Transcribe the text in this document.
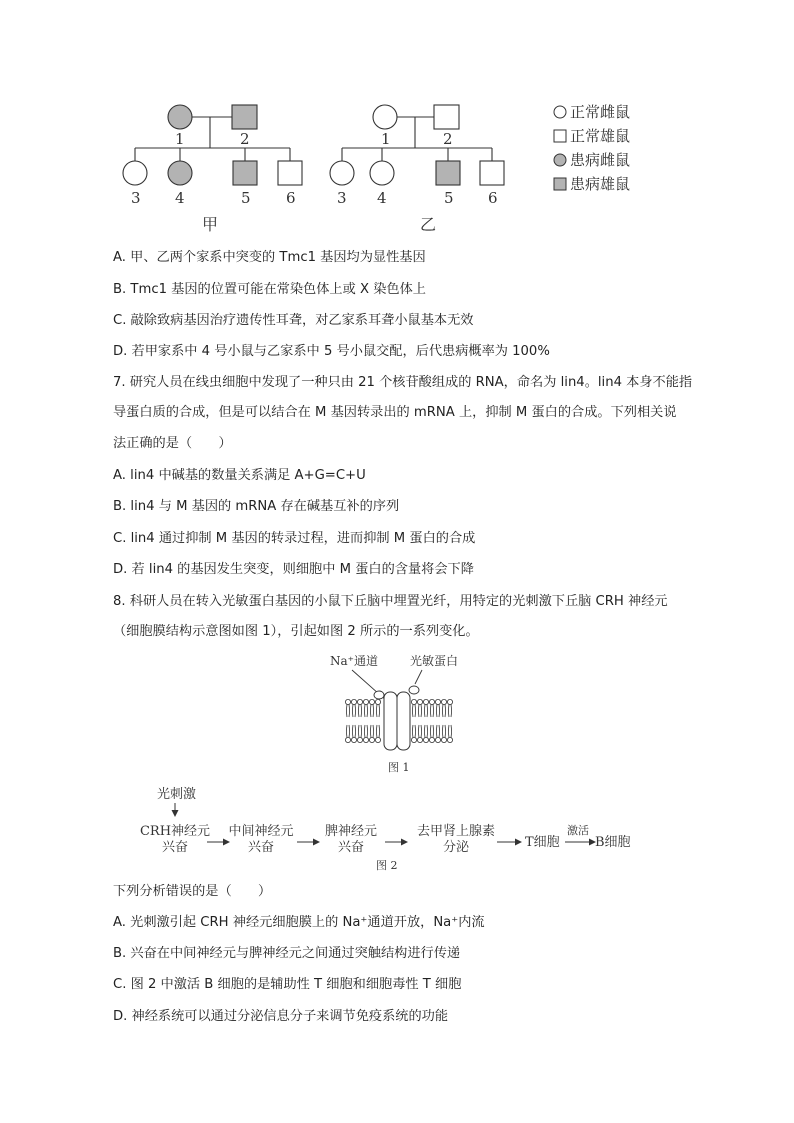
1	2
3 4	5 6
1	2
3 4	5 6
甲	乙
正常雌鼠
正常雄鼠
患病雌鼠
患病雄鼠
A. 甲、乙两个家系中突变的 Tmc1 基因均为显性基因
B. Tmc1 基因的位置可能在常染色体上或 X 染色体上
C. 敲除致病基因治疗遗传性耳聋，对乙家系耳聋小鼠基本无效
D. 若甲家系中 4 号小鼠与乙家系中 5 号小鼠交配，后代患病概率为 100%
7. 研究人员在线虫细胞中发现了一种只由 21 个核苷酸组成的 RNA，命名为 lin4。lin4 本身不能指
导蛋白质的合成，但是可以结合在 M 基因转录出的 mRNA 上，抑制 M 蛋白的合成。下列相关说
法正确的是（　　）
A. lin4 中碱基的数量关系满足 A+G=C+U
B. lin4 与 M 基因的 mRNA 存在碱基互补的序列
C. lin4 通过抑制 M 基因的转录过程，进而抑制 M 蛋白的合成
D. 若 lin4 的基因发生突变，则细胞中 M 蛋白的含量将会下降
8. 科研人员在转入光敏蛋白基因的小鼠下丘脑中埋置光纤，用特定的光刺激下丘脑 CRH 神经元
（细胞膜结构示意图如图 1），引起如图 2 所示的一系列变化。
Na⁺通道	光敏蛋白
图 1
光刺激
CRH神经元
兴奋
中间神经元
兴奋
脾神经元
兴奋
去甲肾上腺素
分泌	T细胞
激活
B细胞
图 2
下列分析错误的是（　　）
A. 光刺激引起 CRH 神经元细胞膜上的 Na⁺通道开放，Na⁺内流
B. 兴奋在中间神经元与脾神经元之间通过突触结构进行传递
C. 图 2 中激活 B 细胞的是辅助性 T 细胞和细胞毒性 T 细胞
D. 神经系统可以通过分泌信息分子来调节免疫系统的功能
